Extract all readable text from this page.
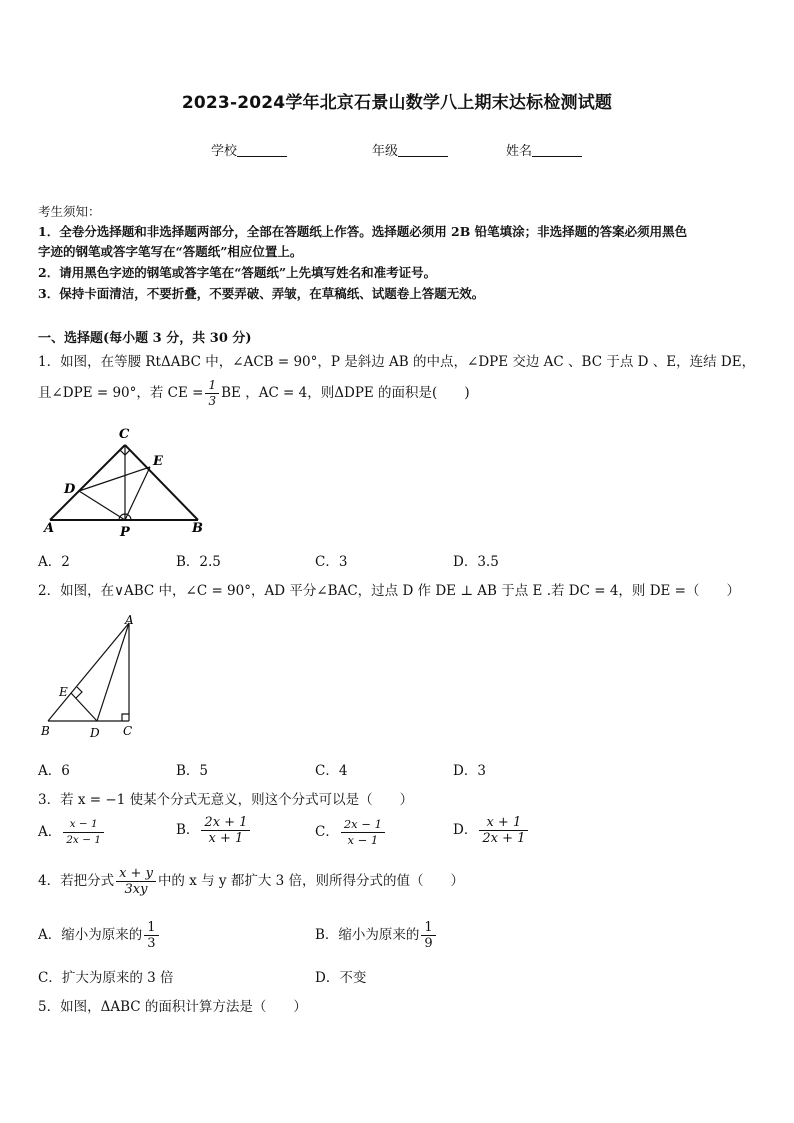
2023-2024学年北京石景山数学八上期末达标检测试题
学校	年级	姓名
考生须知：
1．全卷分选择题和非选择题两部分，全部在答题纸上作答。选择题必须用 2B 铅笔填涂；非选择题的答案必须用黑色
字迹的钢笔或答字笔写在“答题纸”相应位置上。
2．请用黑色字迹的钢笔或答字笔在“答题纸”上先填写姓名和准考证号。
3．保持卡面清洁，不要折叠，不要弄破、弄皱，在草稿纸、试题卷上答题无效。
一、选择题(每小题 3 分，共 30 分)
1．如图，在等腰 RtΔABC 中，∠ACB = 90°，P 是斜边 AB 的中点，∠DPE 交边 AC 、BC 于点 D 、E，连结 DE，
且∠DPE = 90°，若 CE = $\frac{1}{3}$ BE ，AC = 4，则ΔDPE 的面积是(　　)
C
E
D
A	P	B
A．2	B．2.5	C．3	D．3.5
2．如图，在∨ABC 中，∠C = 90°，AD 平分∠BAC，过点 D 作 DE ⊥ AB 于点 E .若 DC = 4，则 DE =（　　）
A
E
B	D C
A．6	B．5	C．4	D．3
3．若 x = −1 使某个分式无意义，则这个分式可以是（　　）
A． $\frac{x - 1}{2x - 1}$	B． $\frac{2x + 1}{x + 1}$	C． $\frac{2x - 1}{x - 1}$	D． $\frac{x + 1}{2x + 1}$
4．若把分式 $\frac{x + y}{3xy}$ 中的 x 与 y 都扩大 3 倍，则所得分式的值（　　）
A．缩小为原来的 $\frac{1}{3}$	B．缩小为原来的 $\frac{1}{9}$
C．扩大为原来的 3 倍	D．不变
5．如图，ΔABC 的面积计算方法是（　　）
